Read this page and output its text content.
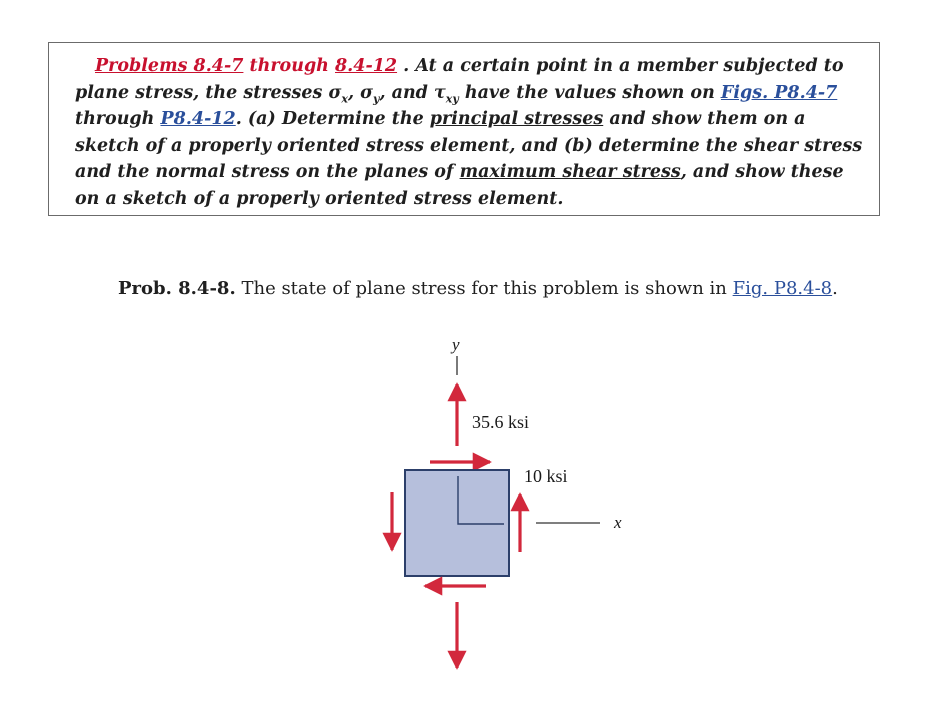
Problems 8.4-7 through 8.4-12 . At a certain point in a member subjected to plane stress, the stresses $\sigma_x$, $\sigma_y$, and $\tau_{xy}$ have the values shown on Figs. P8.4-7 through P8.4-12. (a) Determine the principal stresses and show them on a sketch of a properly oriented stress element, and (b) determine the shear stress and the normal stress on the planes of maximum shear stress, and show these on a sketch of a properly oriented stress element.
Prob. 8.4-8. The state of plane stress for this problem is shown in Fig. P8.4-8.
y
35.6 ksi
10 ksi
x
